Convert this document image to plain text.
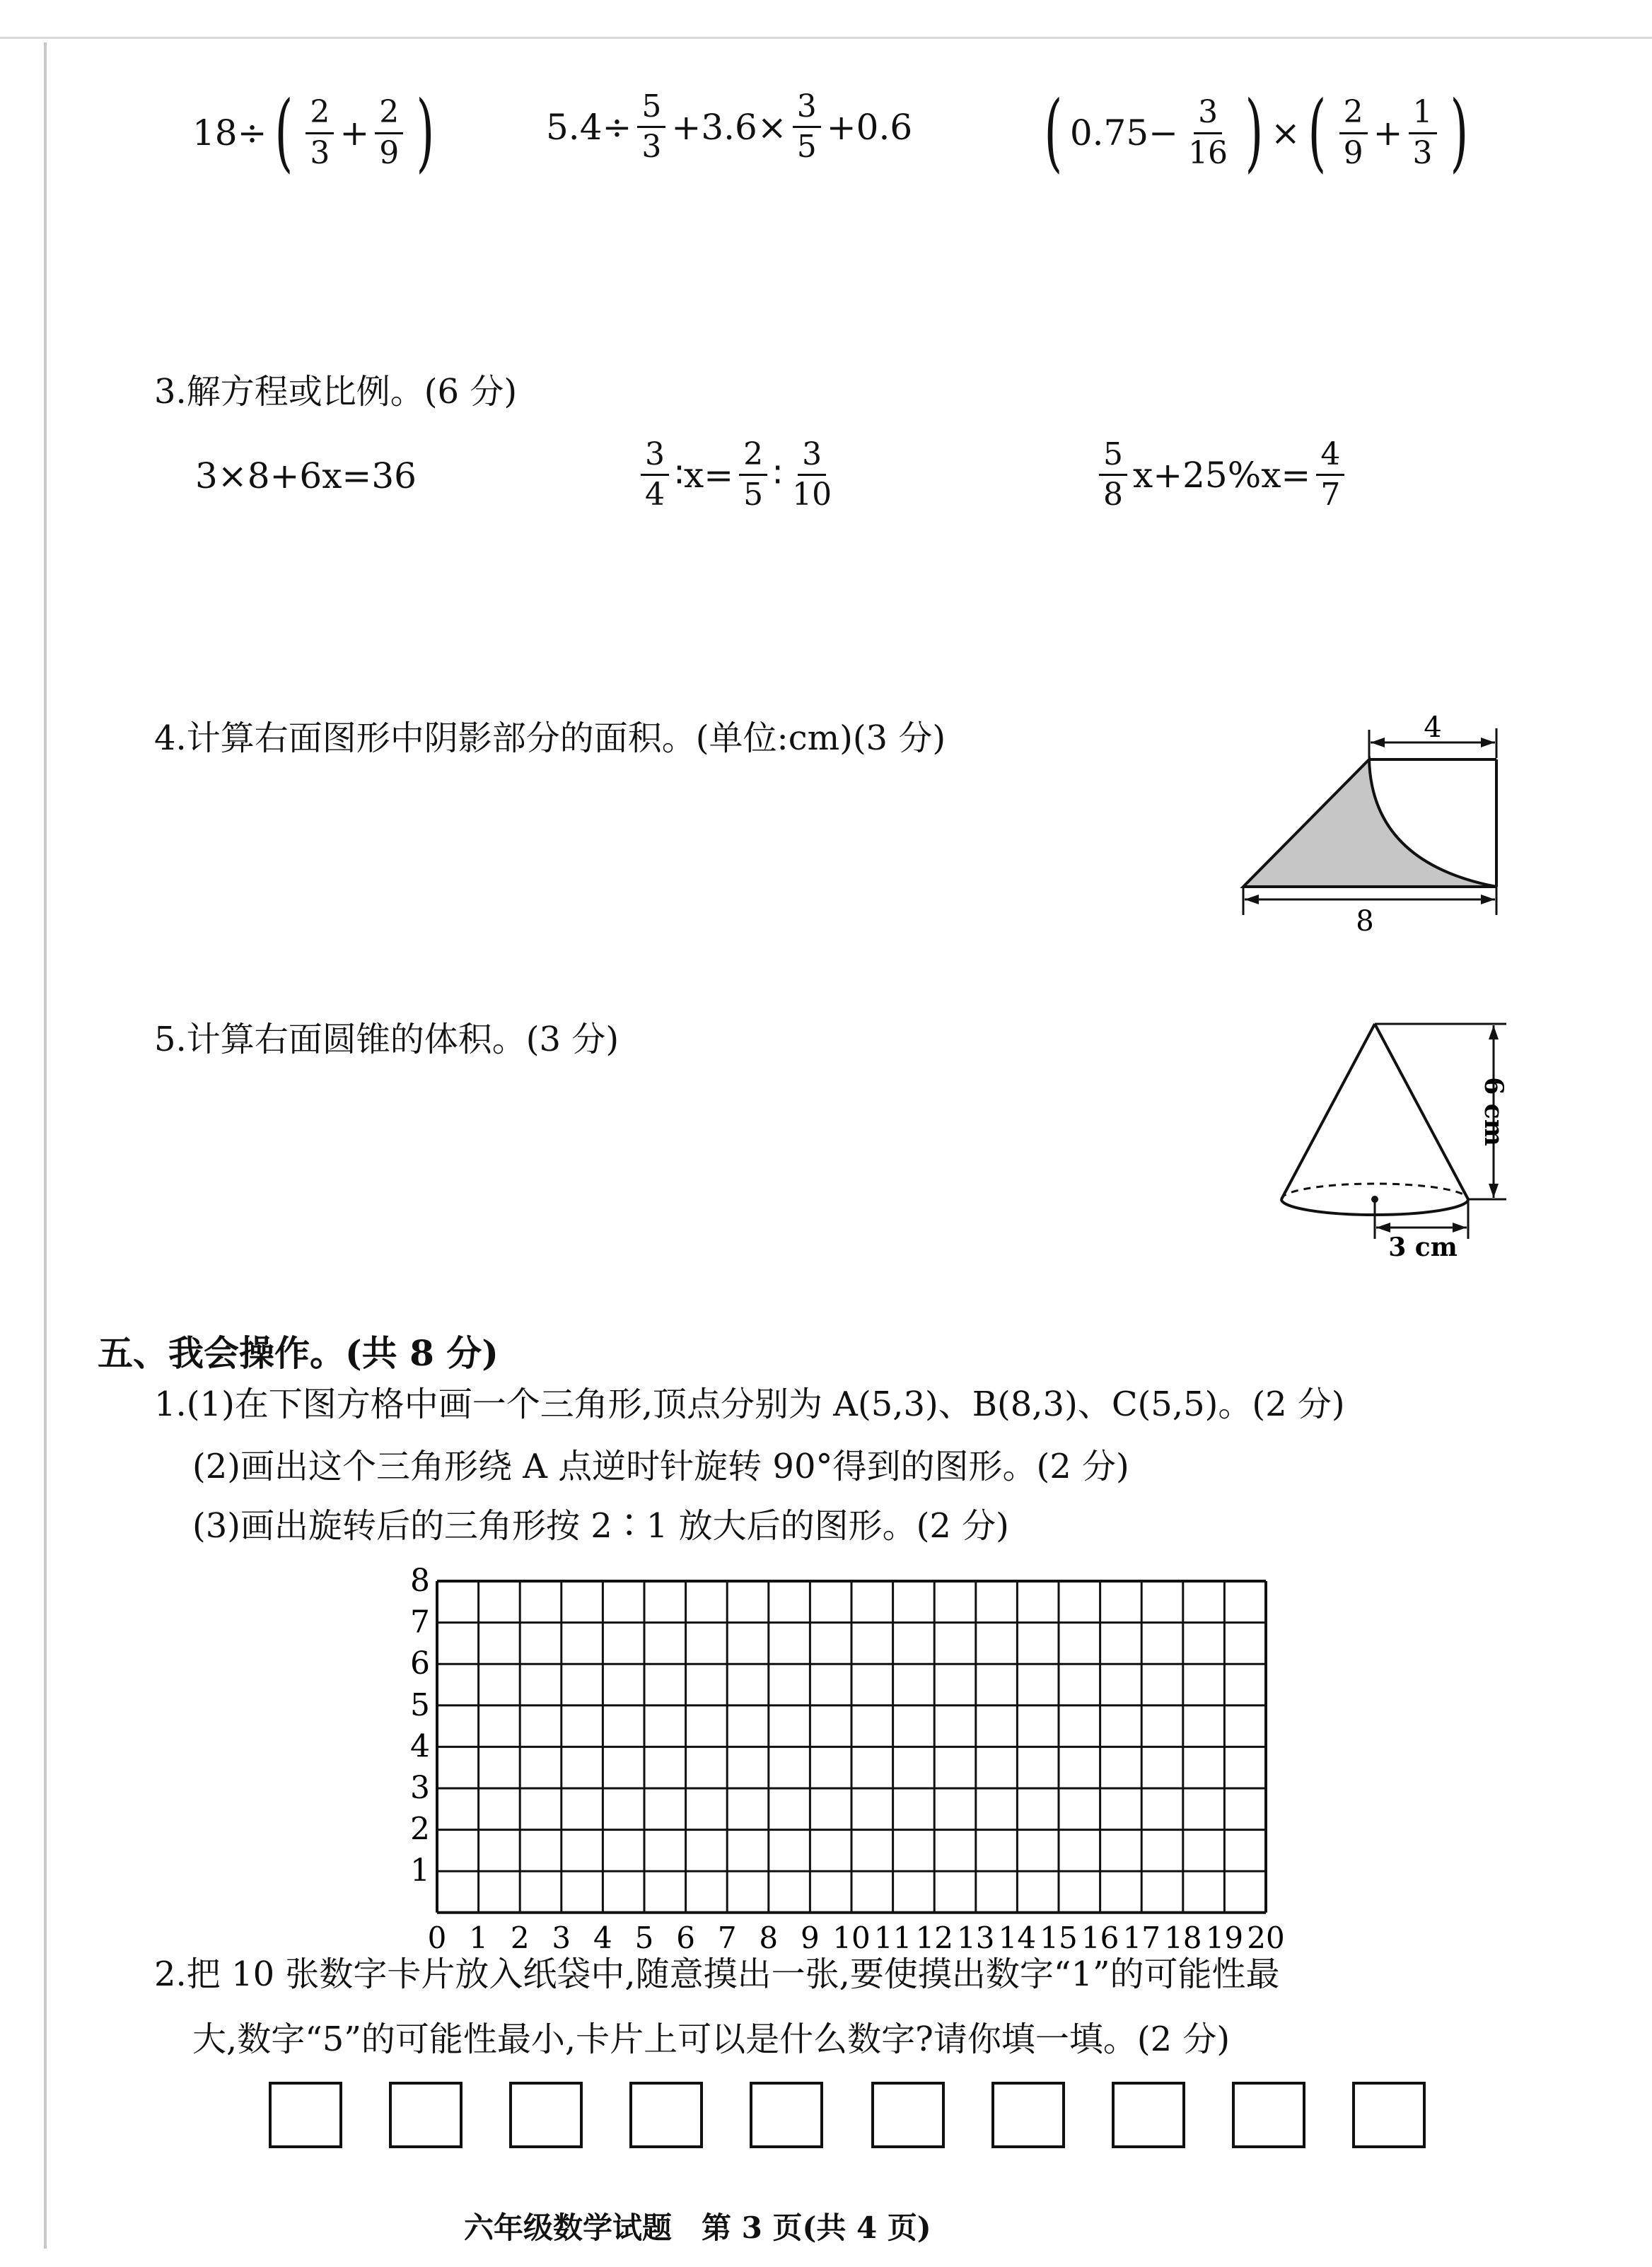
18÷ ( $\frac{2}{3} + \frac{2}{9}$ )	$5.4\div \frac{5}{3} +3.6\times \frac{3}{5} +0.6$ ( $0.75- \frac{3}{16}$ ) × ( $\frac{2}{9} + \frac{1}{3}$ )
3.解方程或比例。(6 分)
3×8+6x=36	$\frac{3}{4}$ ∶x= $\frac{2}{5}$ ∶ $\frac{3}{10}$	$\frac{5}{8} x+25\%x= \frac{4}{7}$
4.计算右面图形中阴影部分的面积。(单位:cm)(3 分)	4
8
5.计算右面圆锥的体积。(3 分)
6 cm
3 cm
五、我会操作。(共 8 分)
1.(1)在下图方格中画一个三角形,顶点分别为 A(5,3)、B(8,3)、C(5,5)。(2 分)
(2)画出这个三角形绕 A 点逆时针旋转 90°得到的图形。(2 分)
(3)画出旋转后的三角形按 2∶1 放大后的图形。(2 分)
8
7
6
5
4
3
2
1
0 1 2 3 4 5 6 7 8 9 10 11 12 13 14 15 16 17 18 19 20
2.把 10 张数字卡片放入纸袋中,随意摸出一张,要使摸出数字“1”的可能性最
大,数字“5”的可能性最小,卡片上可以是什么数字?请你填一填。(2 分)
六年级数学试题　第 3 页(共 4 页)
